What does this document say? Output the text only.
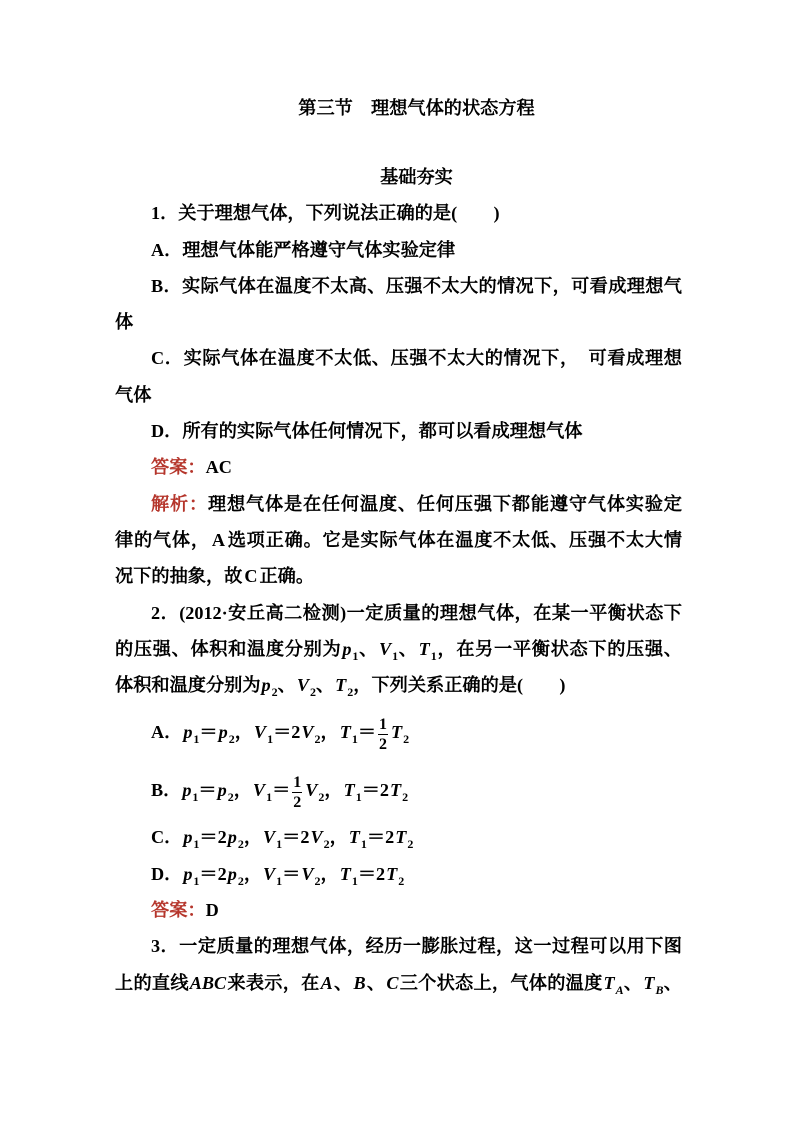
第三节　理想气体的状态方程
基础夯实
1．关于理想气体，下列说法正确的是(　　)
A．理想气体能严格遵守气体实验定律
B．实际气体在温度不太高、压强不太大的情况下，可看成理想气
体
C．实际气体在温度不太低、压强不太大的情况下，　可看成理想
气体
D．所有的实际气体任何情况下，都可以看成理想气体
答案：AC
解析：理想气体是在任何温度、任何压强下都能遵守气体实验定
律的气体， A 选项正确。它是实际气体在温度不太低、压强不太大情
况下的抽象，故 C 正确。
2．(2012·安丘高二检测)一定质量的理想气体，在某一平衡状态下
的压强、体积和温度分别为$p_1$、$V_1$、$T_1$，在另一平衡状态下的压强、
体积和温度分别为$p_2$、$V_2$、$T_2$，下列关系正确的是(　　)
A．$p_1=p_2$，$V_1=2V_2$，$T_1= \frac{1}{2} T_2$
B．$p_1=p_2$，$V_1= \frac{1}{2} V_2$，$T_1=2T_2$
C．$p_1=2p_2$，$V_1=2V_2$，$T_1=2T_2$
D．$p_1=2p_2$，$V_1=V_2$，$T_1=2T_2$
答案：D
3．一定质量的理想气体，经历一膨胀过程，这一过程可以用下图
上的直线ABC来表示，在A、B、C三个状态上，气体的温度$T_A$、$T_B$、
